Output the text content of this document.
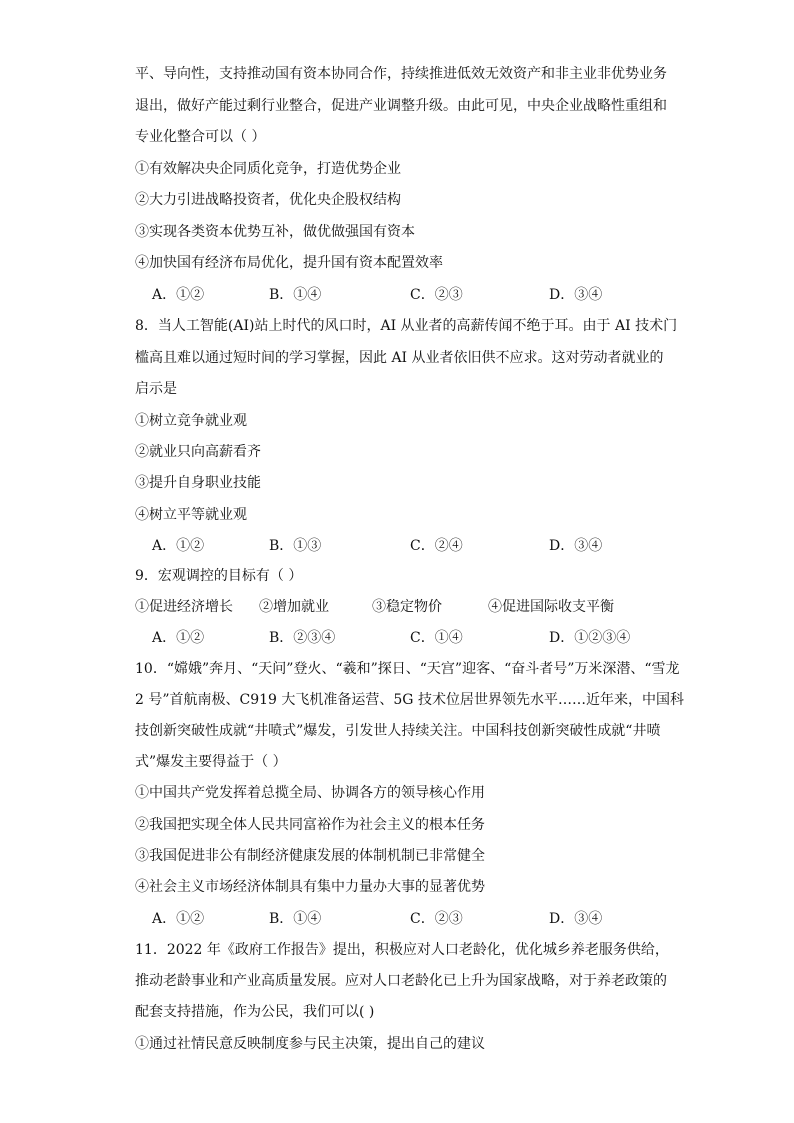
平、导向性，支持推动国有资本协同合作，持续推进低效无效资产和非主业非优势业务
退出，做好产能过剩行业整合，促进产业调整升级。由此可见，中央企业战略性重组和
专业化整合可以（ ）
①有效解决央企同质化竞争，打造优势企业
②大力引进战略投资者，优化央企股权结构
③实现各类资本优势互补，做优做强国有资本
④加快国有经济布局优化，提升国有资本配置效率
A．①②	B．①④	C．②③	D．③④
8．当人工智能(AI)站上时代的风口时，AI 从业者的高薪传闻不绝于耳。由于 AI 技术门
槛高且难以通过短时间的学习掌握，因此 AI 从业者依旧供不应求。这对劳动者就业的
启示是
①树立竞争就业观
②就业只向高薪看齐
③提升自身职业技能
④树立平等就业观
A．①②	B．①③	C．②④	D．③④
9．宏观调控的目标有（ ）
①促进经济增长 ②增加就业	③稳定物价	④促进国际收支平衡
A．①②	B．②③④	C．①④	D．①②③④
10．“嫦娥”奔月、“天问”登火、“羲和”探日、“天宫”迎客、“奋斗者号”万米深潜、“雪龙
2 号”首航南极、C919 大飞机准备运营、5G 技术位居世界领先水平……近年来，中国科
技创新突破性成就“井喷式”爆发，引发世人持续关注。中国科技创新突破性成就“井喷
式”爆发主要得益于（ ）
①中国共产党发挥着总揽全局、协调各方的领导核心作用
②我国把实现全体人民共同富裕作为社会主义的根本任务
③我国促进非公有制经济健康发展的体制机制已非常健全
④社会主义市场经济体制具有集中力量办大事的显著优势
A．①②	B．①④	C．②③	D．③④
11．2022 年《政府工作报告》提出，积极应对人口老龄化，优化城乡养老服务供给，
推动老龄事业和产业高质量发展。应对人口老龄化已上升为国家战略，对于养老政策的
配套支持措施，作为公民，我们可以( )
①通过社情民意反映制度参与民主决策，提出自己的建议
